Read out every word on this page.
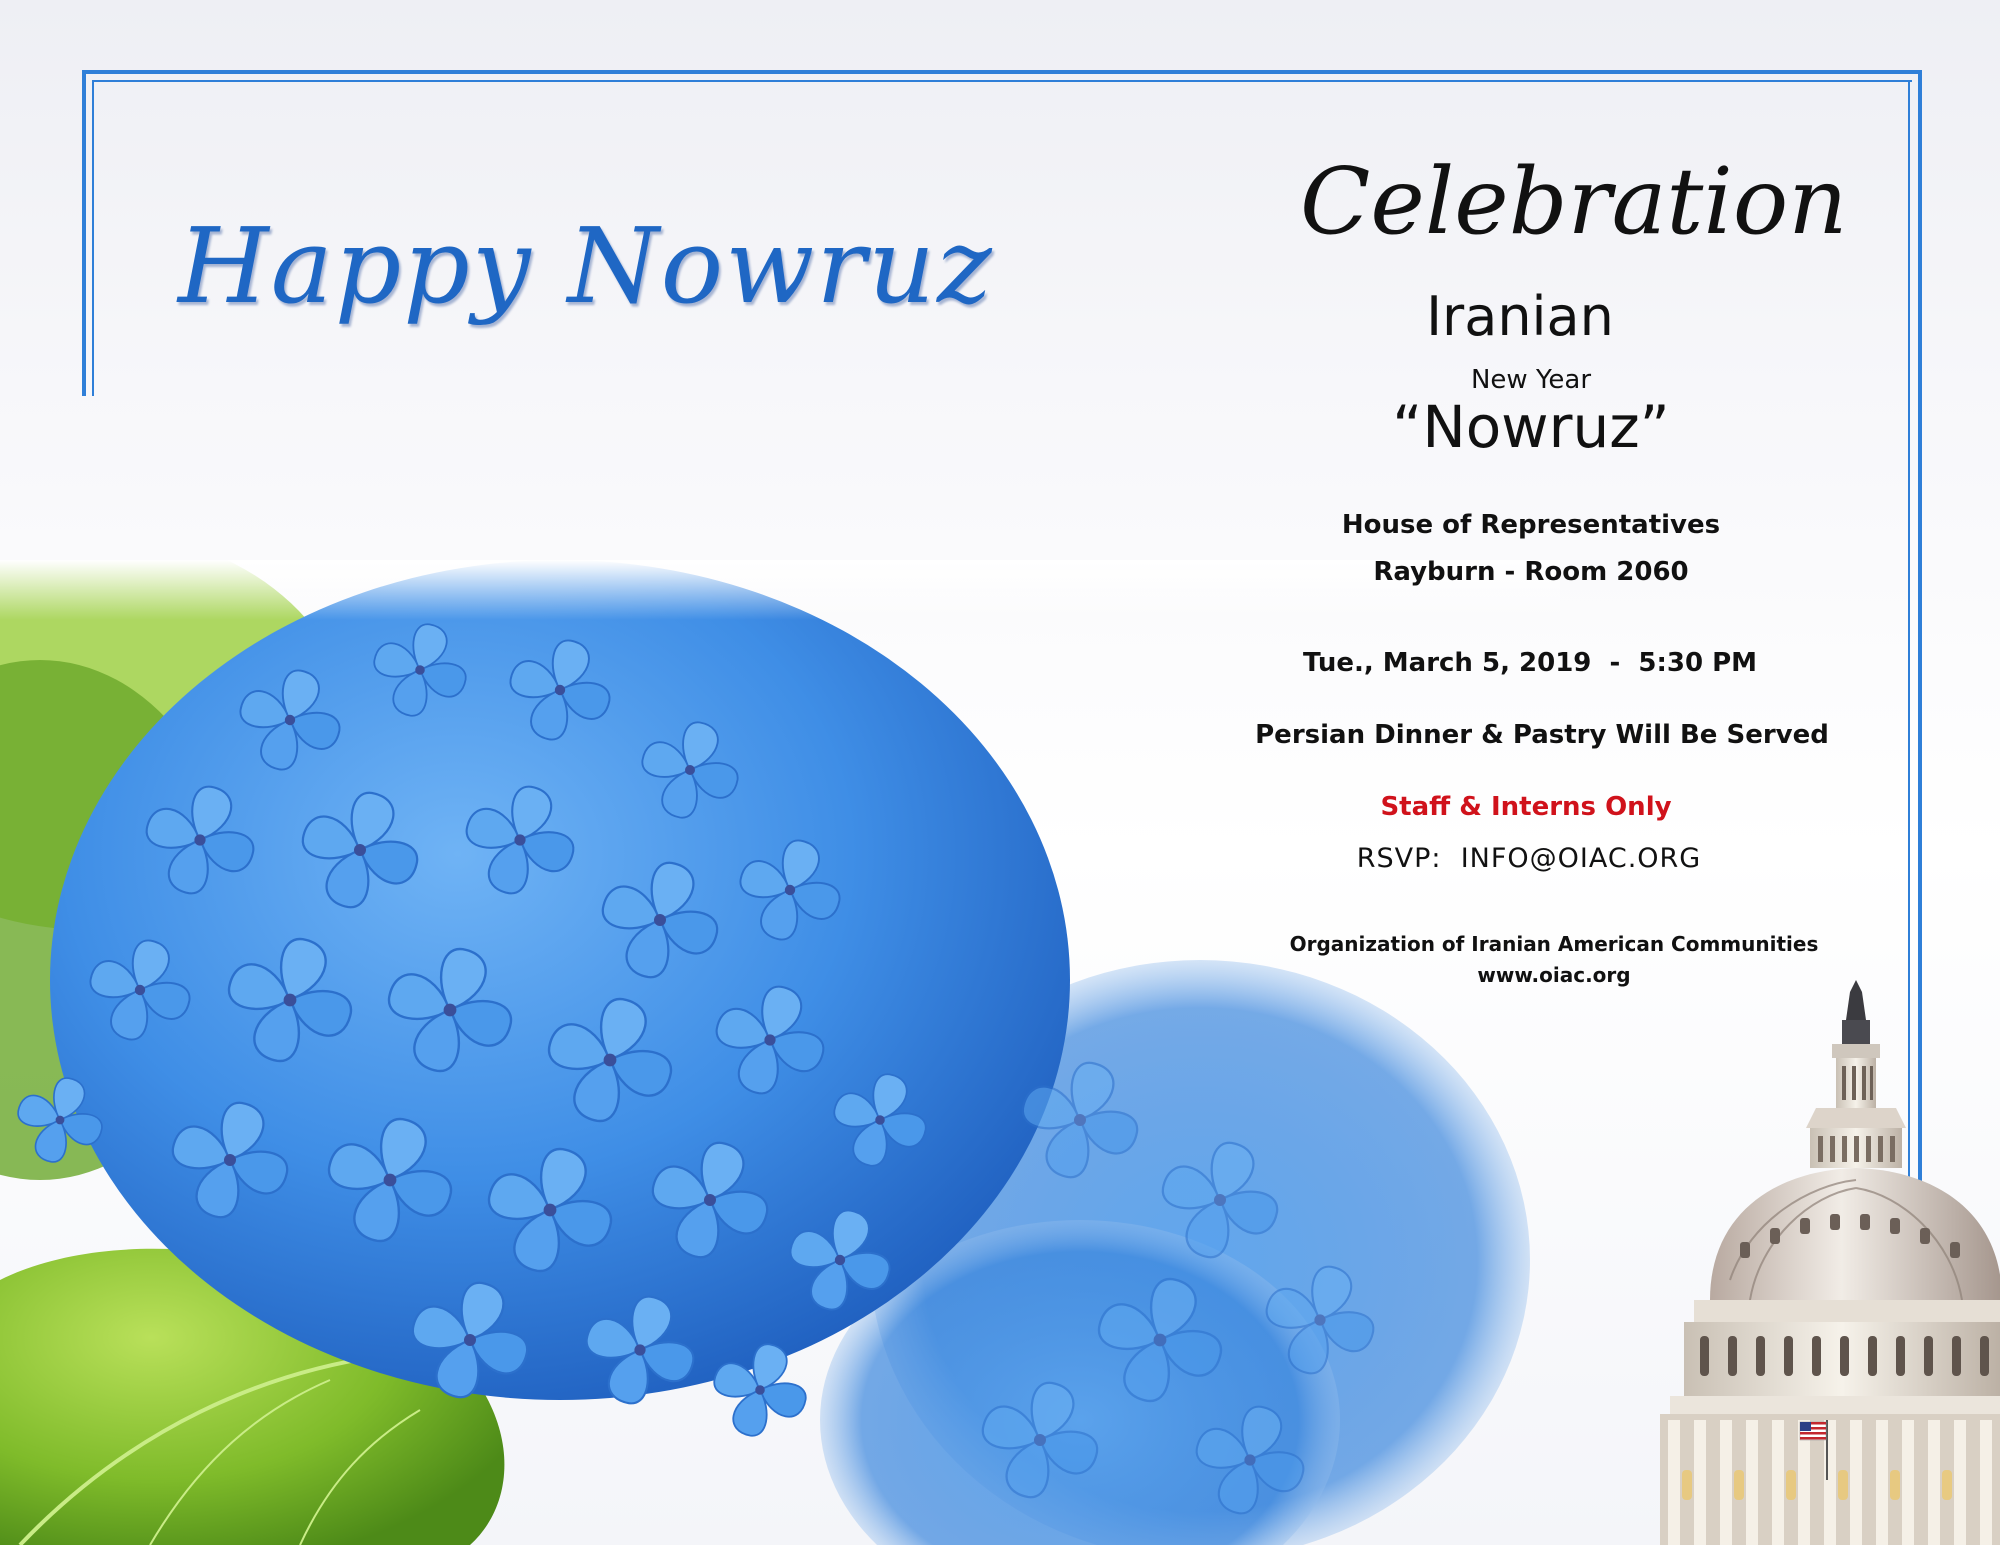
Happy Nowruz
Celebration
Iranian
New Year
“Nowruz”
House of Representatives
Rayburn - Room 2060
Tue., March 5, 2019  -  5:30 PM
Persian Dinner & Pastry Will Be Served
Staff & Interns Only
RSVP:  INFO@OIAC.ORG
Organization of Iranian American Communities
www.oiac.org
